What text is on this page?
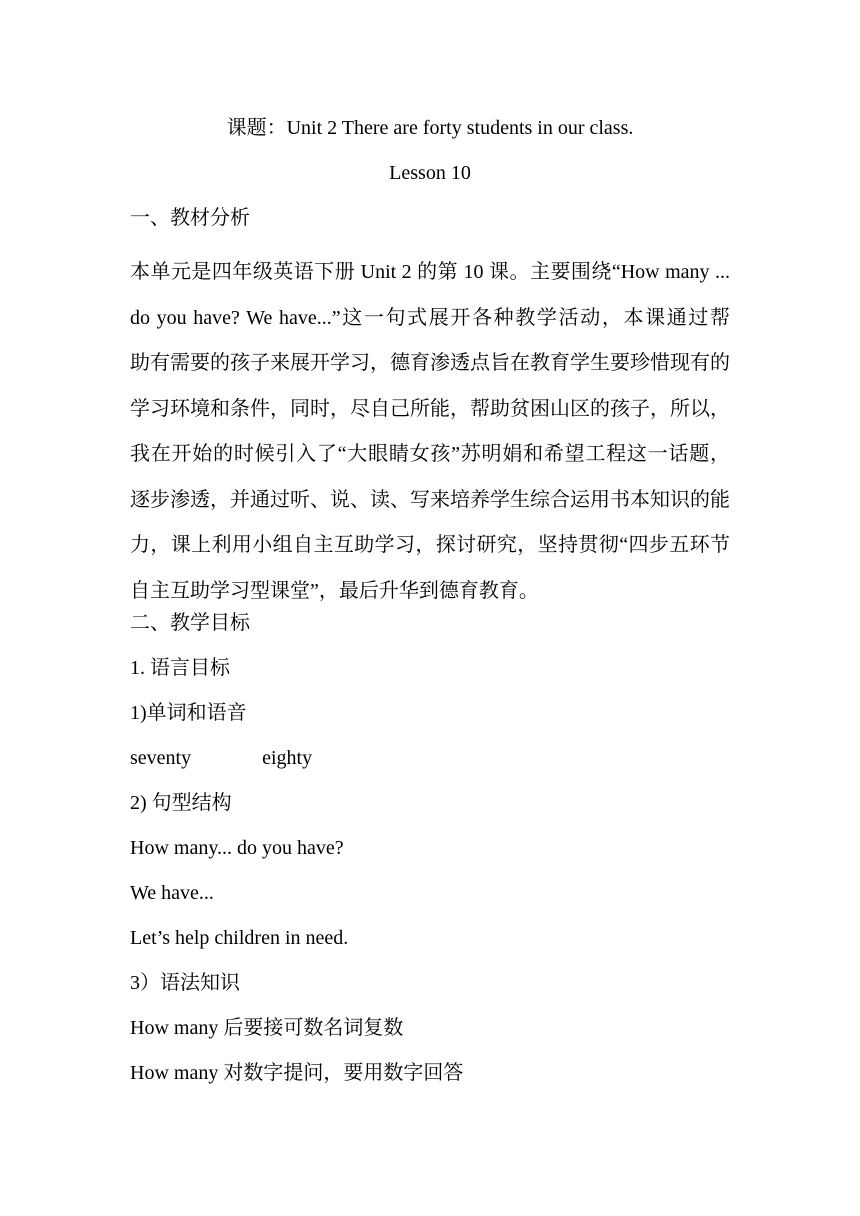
课题：Unit 2 There are forty students in our class.
Lesson 10
一、教材分析
本单元是四年级英语下册 Unit 2 的第 10 课。主要围绕“How many ...
do you have? We have...”这一句式展开各种教学活动，本课通过帮
助有需要的孩子来展开学习，德育渗透点旨在教育学生要珍惜现有的
学习环境和条件，同时，尽自己所能，帮助贫困山区的孩子，所以，
我在开始的时候引入了“大眼睛女孩”苏明娟和希望工程这一话题，
逐步渗透，并通过听、说、读、写来培养学生综合运用书本知识的能
力，课上利用小组自主互助学习，探讨研究，坚持贯彻“四步五环节
自主互助学习型课堂”，最后升华到德育教育。
二、教学目标
1. 语言目标
1)单词和语音
seventy	eighty
2) 句型结构
How many... do you have?
We have...
Let’s help children in need.
3）语法知识
How many 后要接可数名词复数
How many 对数字提问，要用数字回答
